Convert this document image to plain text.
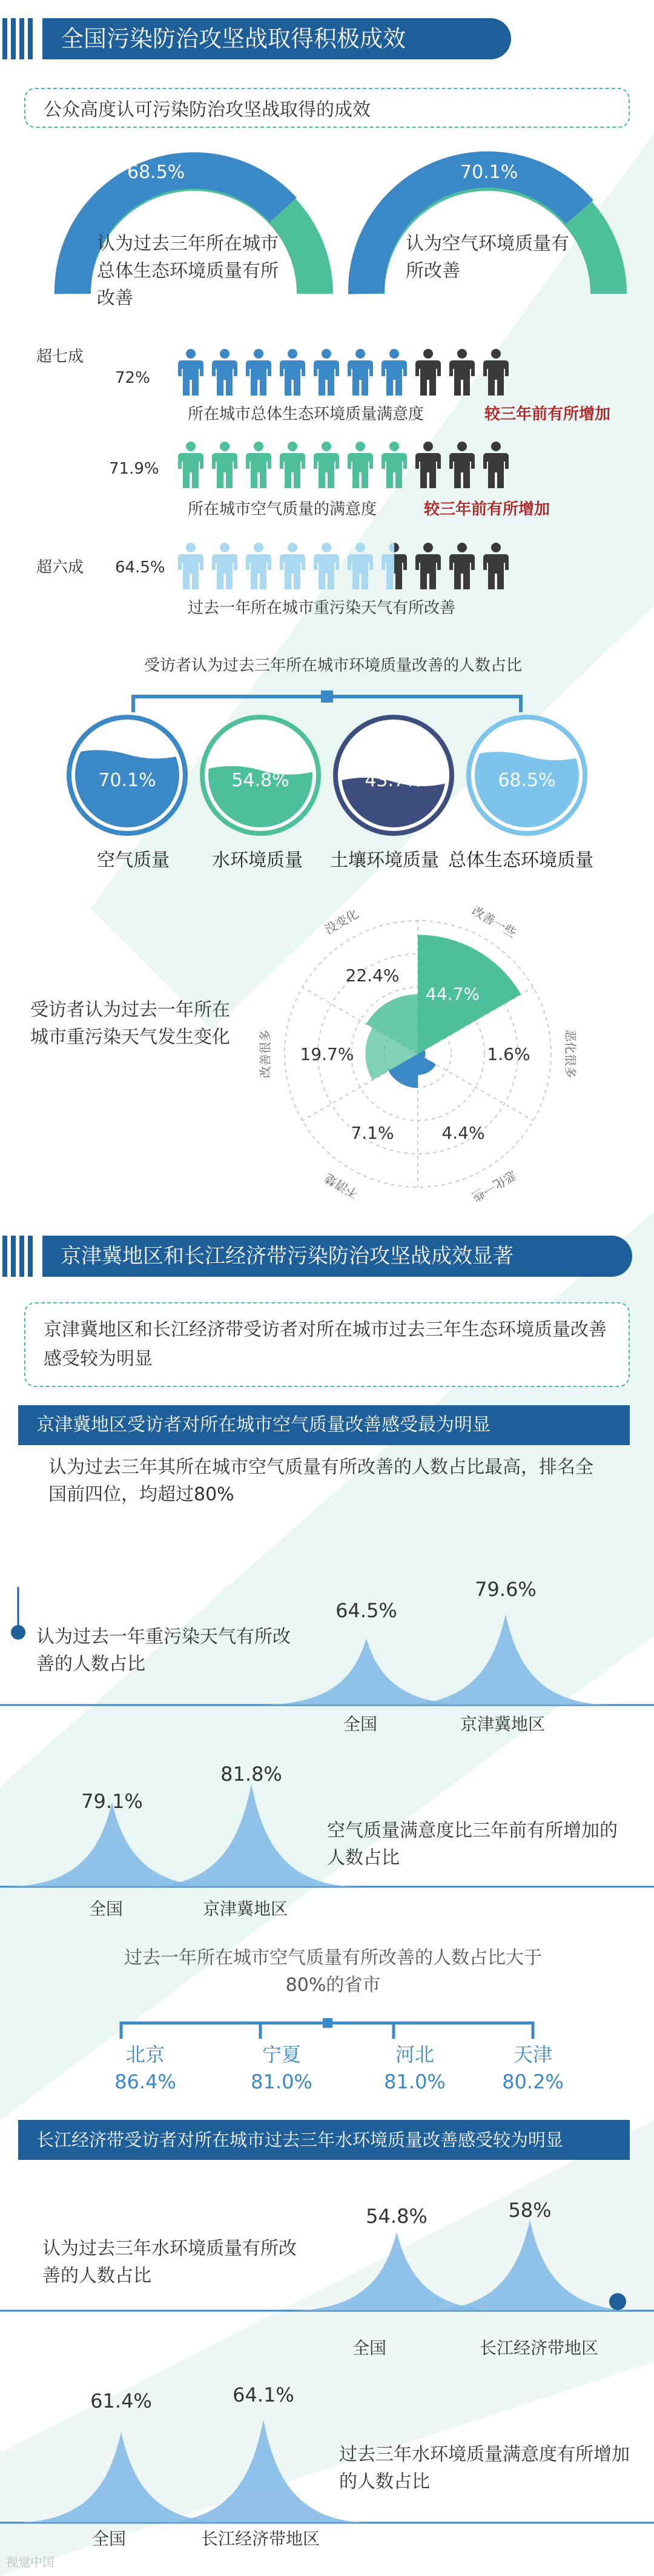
全国污染防治攻坚战取得积极成效
公众高度认可污染防治攻坚战取得的成效
68.5%
认为过去三年所在城市总体生态环境质量有所改善
70.1%
认为空气环境质量有所改善
超七成
72%
所在城市总体生态环境质量满意度	较三年前有所增加
71.9%
所在城市空气质量的满意度	较三年前有所增加
超六成 64.5%
过去一年所在城市重污染天气有所改善
受访者认为过去三年所在城市环境质量改善的人数占比
70.1%	54.8%	43.7%	68.5%
空气质量	水环境质量	土壤环境质量 总体生态环境质量
受访者认为过去一年所在城市重污染天气发生变化
44.7%
改善一些
1.6%	恶化很多
4.4%
恶化一些
7.1%
不清楚
19.7%
改善很多
22.4%
没变化
京津冀地区和长江经济带污染防治攻坚战成效显著
京津冀地区和长江经济带受访者对所在城市过去三年生态环境质量改善感受较为明显
京津冀地区受访者对所在城市空气质量改善感受最为明显
认为过去三年其所在城市空气质量有所改善的人数占比最高，排名全国前四位，均超过80%
认为过去一年重污染天气有所改善的人数占比
64.5%
79.6%
全国	京津冀地区
79.1%
81.8%
空气质量满意度比三年前有所增加的人数占比
全国	京津冀地区
过去一年所在城市空气质量有所改善的人数占比大于80%的省市
北京
86.4%
宁夏
81.0%
河北
81.0%
天津
80.2%
长江经济带受访者对所在城市过去三年水环境质量改善感受较为明显
认为过去三年水环境质量有所改善的人数占比
54.8%	58%
全国	长江经济带地区
61.4%	64.1%
过去三年水环境质量满意度有所增加的人数占比
全国	长江经济带地区
视觉中国
